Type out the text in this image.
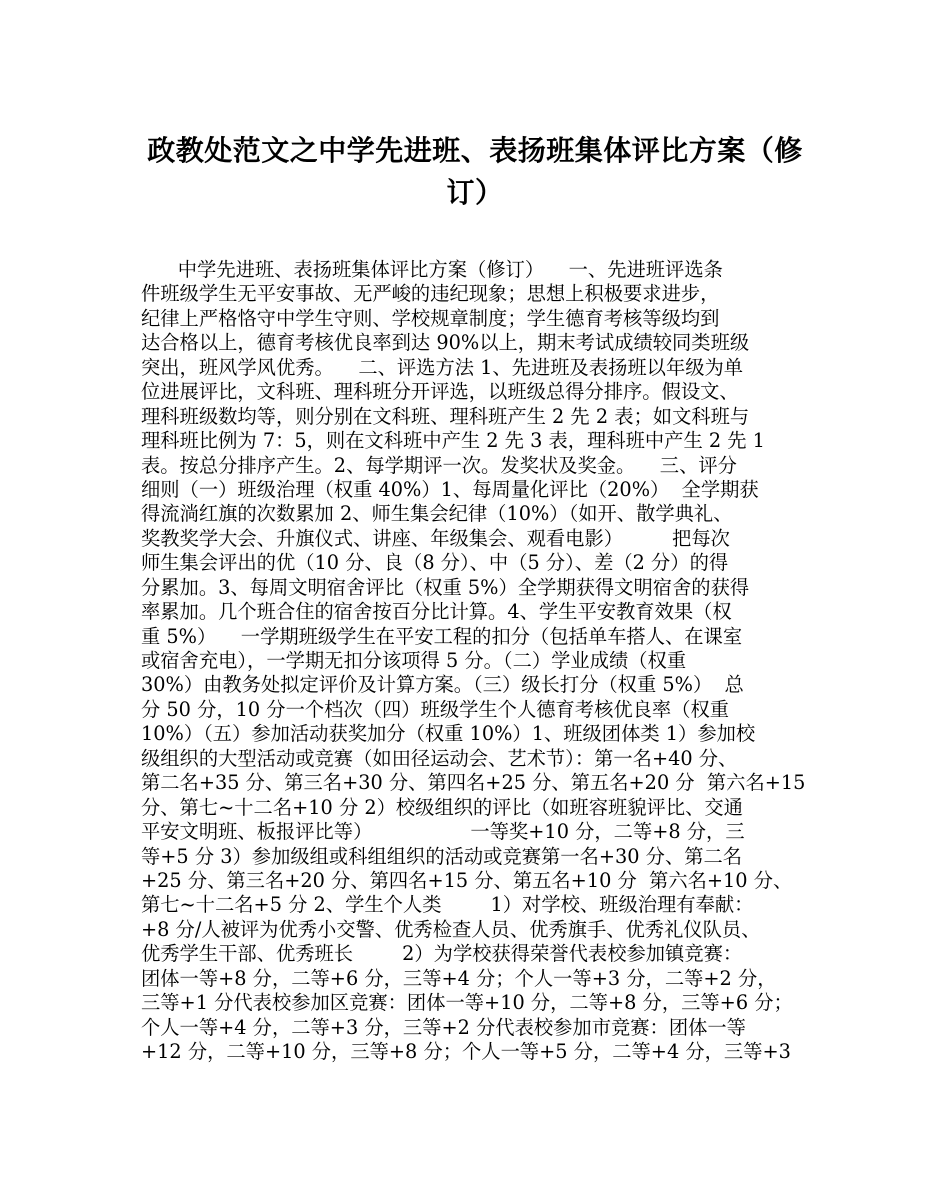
政教处范文之中学先进班、表扬班集体评比方案（修
订）
中学先进班、表扬班集体评比方案（修订）    一、先进班评选条
件班级学生无平安事故、无严峻的违纪现象；思想上积极要求进步，
纪律上严格恪守中学生守则、学校规章制度；学生德育考核等级均到
达合格以上，德育考核优良率到达 90%以上，期末考试成绩较同类班级
突出，班风学风优秀。    二、评选方法 1、先进班及表扬班以年级为单
位进展评比，文科班、理科班分开评选，以班级总得分排序。假设文、
理科班级数均等，则分别在文科班、理科班产生 2 先 2 表；如文科班与
理科班比例为 7：5，则在文科班中产生 2 先 3 表，理科班中产生 2 先 1
表。按总分排序产生。2、每学期评一次。发奖状及奖金。    三、评分
细则（一）班级治理（权重 40%）1、每周量化评比（20%）  全学期获
得流淌红旗的次数累加 2、师生集会纪律（10%）（如开、散学典礼、
奖教奖学大会、升旗仪式、讲座、年级集会、观看电影）        把每次
师生集会评出的优（10 分、良（8 分）、中（5 分）、差（2 分）的得
分累加。3、每周文明宿舍评比（权重 5%）全学期获得文明宿舍的获得
率累加。几个班合住的宿舍按百分比计算。4、学生平安教育效果（权
重 5%）    一学期班级学生在平安工程的扣分（包括单车搭人、在课室
或宿舍充电），一学期无扣分该项得 5 分。（二）学业成绩（权重
30%）由教务处拟定评价及计算方案。（三）级长打分（权重 5%）  总
分 50 分，10 分一个档次（四）班级学生个人德育考核优良率（权重
10%）（五）参加活动获奖加分（权重 10%）1、班级团体类 1）参加校
级组织的大型活动或竞赛（如田径运动会、艺术节）：第一名+40 分、
第二名+35 分、第三名+30 分、第四名+25 分、第五名+20 分  第六名+15
分、第七~十二名+10 分 2）校级组织的评比（如班容班貌评比、交通
平安文明班、板报评比等）                一等奖+10 分，二等+8 分，三
等+5 分 3）参加级组或科组组织的活动或竞赛第一名+30 分、第二名
+25 分、第三名+20 分、第四名+15 分、第五名+10 分  第六名+10 分、
第七~十二名+5 分 2、学生个人类        1）对学校、班级治理有奉献：
+8 分/人被评为优秀小交警、优秀检查人员、优秀旗手、优秀礼仪队员、
优秀学生干部、优秀班长        2）为学校获得荣誉代表校参加镇竞赛：
团体一等+8 分，二等+6 分，三等+4 分；个人一等+3 分，二等+2 分，
三等+1 分代表校参加区竞赛：团体一等+10 分，二等+8 分，三等+6 分；
个人一等+4 分，二等+3 分，三等+2 分代表校参加市竞赛：团体一等
+12 分，二等+10 分，三等+8 分；个人一等+5 分，二等+4 分，三等+3
